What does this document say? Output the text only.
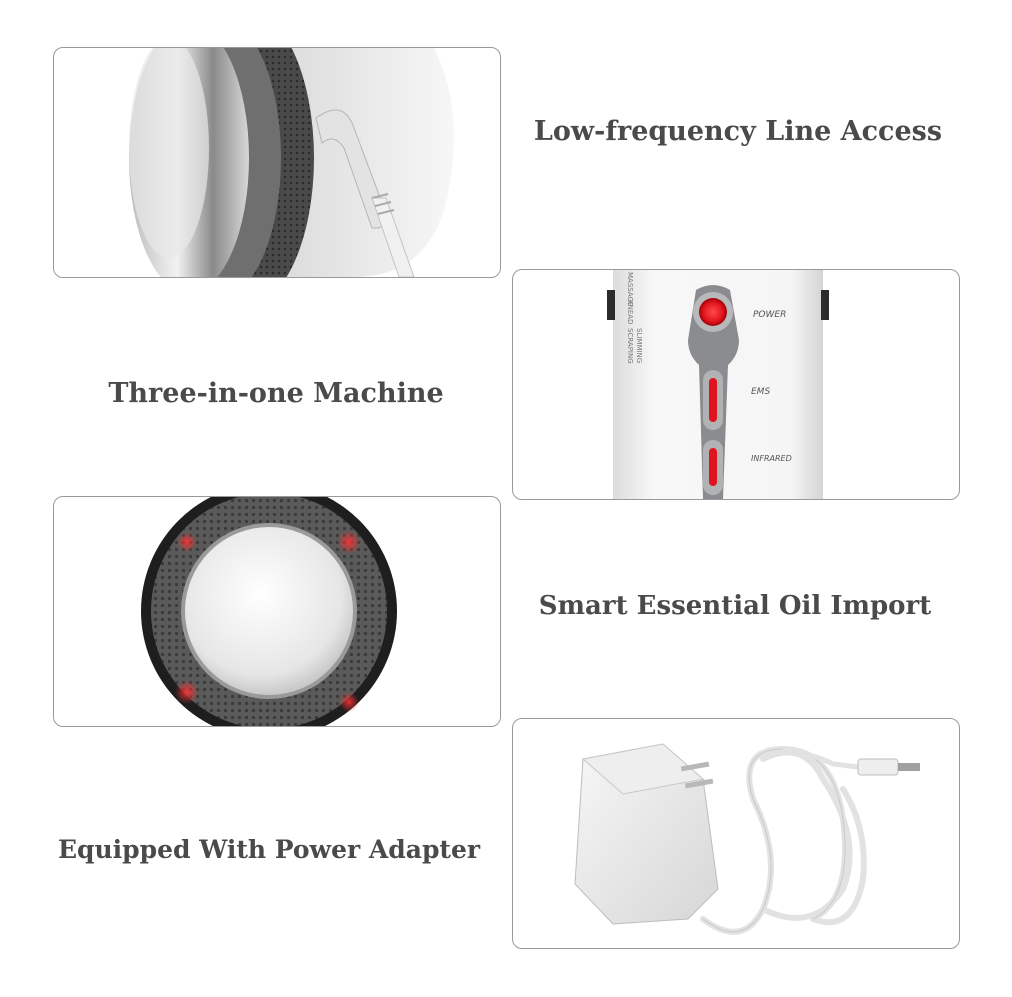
Low-frequency Line Access
Three-in-one Machine
MASSAGE
KNEAD
SCRAPING SLIMMING
POWER
EMS
INFRARED
Smart Essential Oil Import
Equipped With Power Adapter
